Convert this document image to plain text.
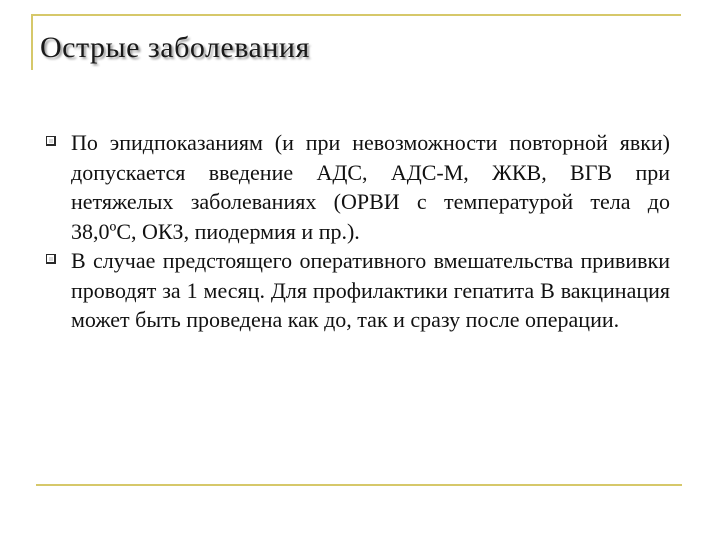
Острые заболевания
По эпидпоказаниям (и при невозможности повторной явки) допускается введение АДС, АДС-М, ЖКВ, ВГВ при нетяжелых заболеваниях (ОРВИ с температурой тела до 38,0ºС, ОКЗ, пиодермия и пр.).
В случае предстоящего оперативного вмешательства прививки проводят за 1 месяц. Для профилактики гепатита В вакцинация может быть проведена как до, так и сразу после операции.
